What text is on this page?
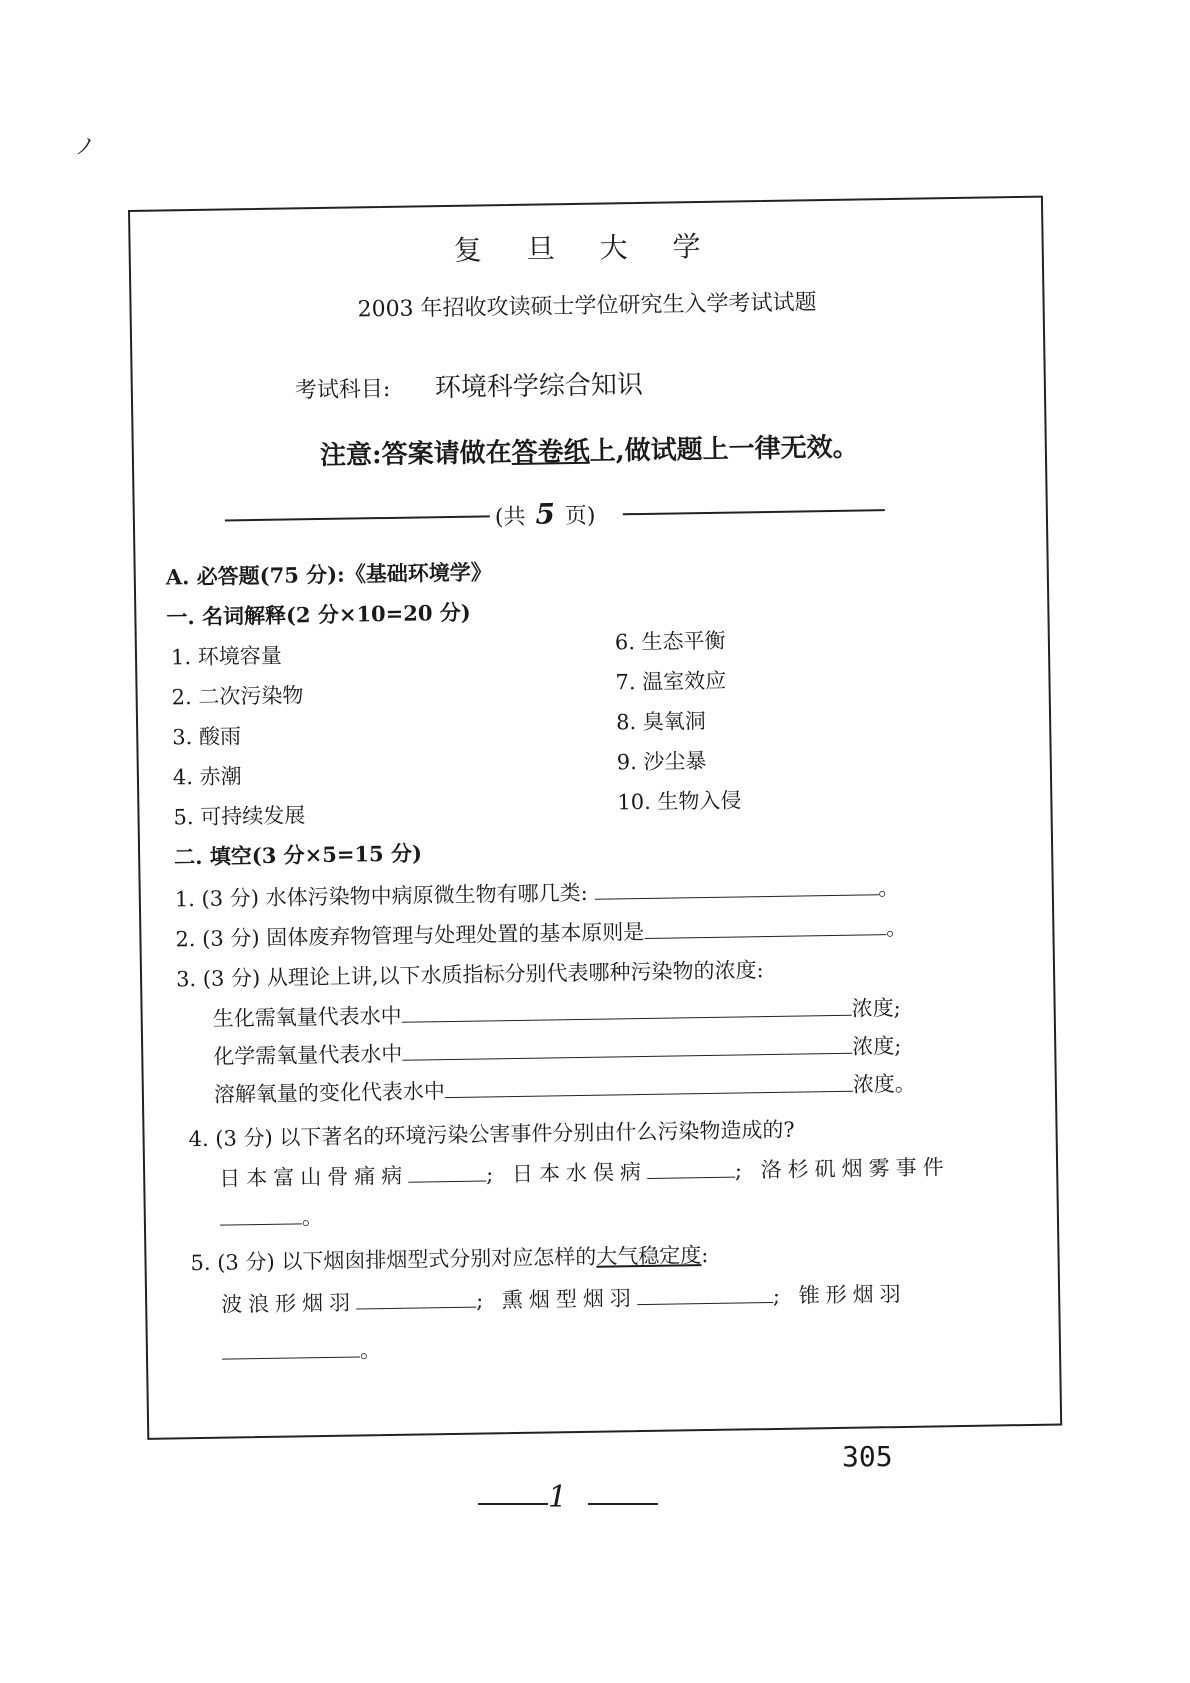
ノ
复 旦 大 学
2003 年招收攻读硕士学位研究生入学考试试题
考试科目: 环境科学综合知识
注意:答案请做在答卷纸上,做试题上一律无效。
(共 5 页)
A. 必答题(75 分):《基础环境学》
一. 名词解释(2 分×10=20 分)
1. 环境容量
2. 二次污染物
3. 酸雨
4. 赤潮
5. 可持续发展
6. 生态平衡
7. 温室效应
8. 臭氧洞
9. 沙尘暴
10. 生物入侵
二. 填空(3 分×5=15 分)
1. (3 分) 水体污染物中病原微生物有哪几类:	。
2. (3 分) 固体废弃物管理与处理处置的基本原则是	。
3. (3 分) 从理论上讲,以下水质指标分别代表哪种污染物的浓度:
生化需氧量代表水中	浓度;
化学需氧量代表水中	浓度;
溶解氧量的变化代表水中	浓度。
4. (3 分) 以下著名的环境污染公害事件分别由什么污染物造成的?
日本富山骨痛病	; 日本水俣病	; 洛杉矶烟雾事件
。
5. (3 分) 以下烟囱排烟型式分别对应怎样的大气稳定度:
波浪形烟羽	; 熏烟型烟羽	; 锥形烟羽
。
305
1
